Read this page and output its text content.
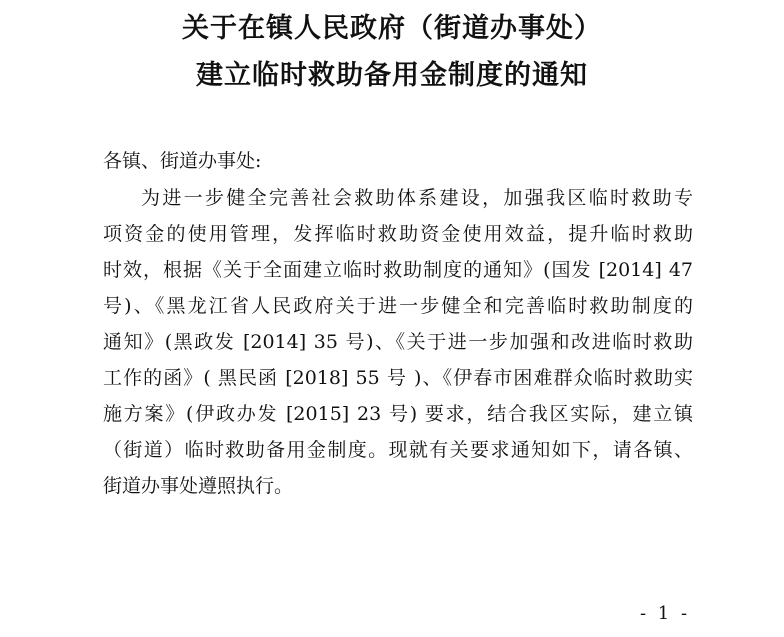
关于在镇人民政府（街道办事处）
建立临时救助备用金制度的通知
各镇、街道办事处:
为进一步健全完善社会救助体系建设，加强我区临时救助专
项资金的使用管理，发挥临时救助资金使用效益，提升临时救助
时效，根据《关于全面建立临时救助制度的通知》(国发 [2014] 47
号)、《黑龙江省人民政府关于进一步健全和完善临时救助制度的
通知》(黑政发 [2014] 35 号)、《关于进一步加强和改进临时救助
工作的函》( 黑民函 [2018] 55 号 )、《伊春市困难群众临时救助实
施方案》(伊政办发 [2015] 23 号) 要求，结合我区实际，建立镇
（街道）临时救助备用金制度。现就有关要求通知如下，请各镇、
街道办事处遵照执行。
- 1 -
